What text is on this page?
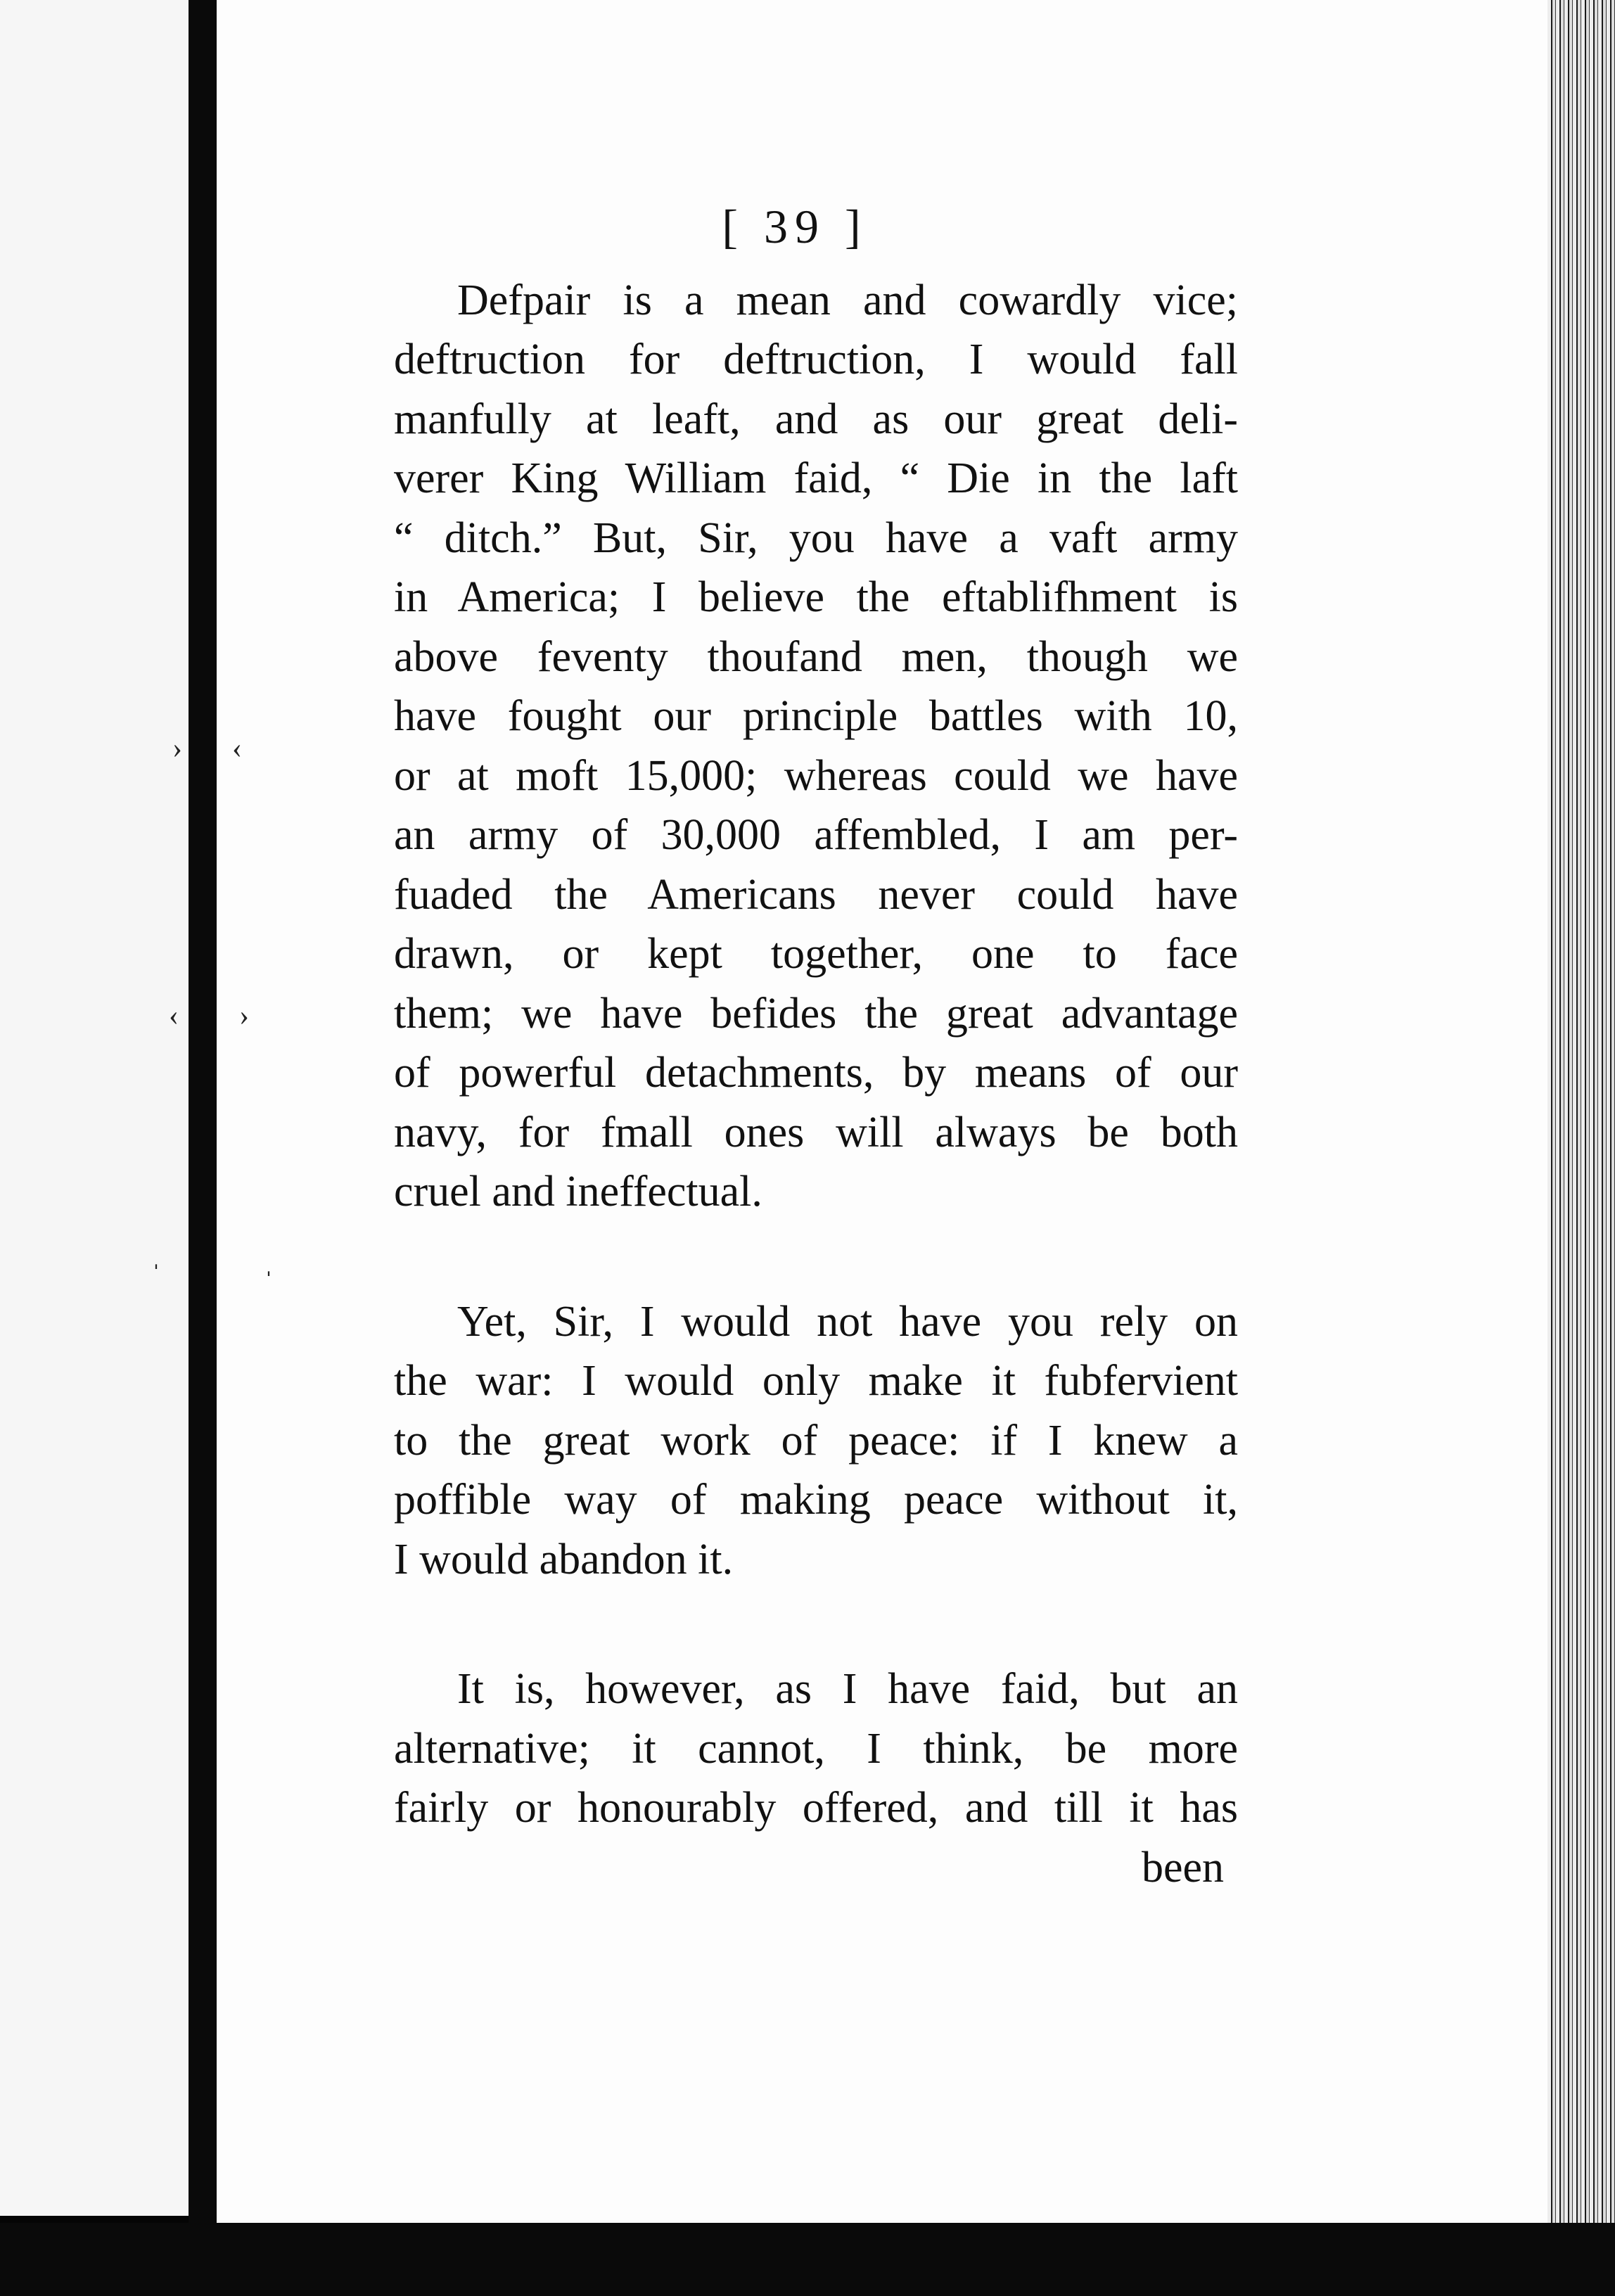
› ‹
‹ ›
ˈ	ˈ
[ 39 ]
Defpair is a mean and cowardly vice;
deftruction for deftruction, I would fall
manfully at leaft, and as our great deli-
verer King William faid, “ Die in the laft
“ ditch.” But, Sir, you have a vaft army
in America; I believe the eftablifhment is
above feventy thoufand men, though we
have fought our principle battles with 10,
or at moft 15,000; whereas could we have
an army of 30,000 affembled, I am per-
fuaded the Americans never could have
drawn, or kept together, one to face
them; we have befides the great advantage
of powerful detachments, by means of our
navy, for fmall ones will always be both
cruel and ineffectual.
Yet, Sir, I would not have you rely on
the war: I would only make it fubfervient
to the great work of peace: if I knew a
poffible way of making peace without it,
I would abandon it.
It is, however, as I have faid, but an
alternative; it cannot, I think, be more
fairly or honourably offered, and till it has
been
